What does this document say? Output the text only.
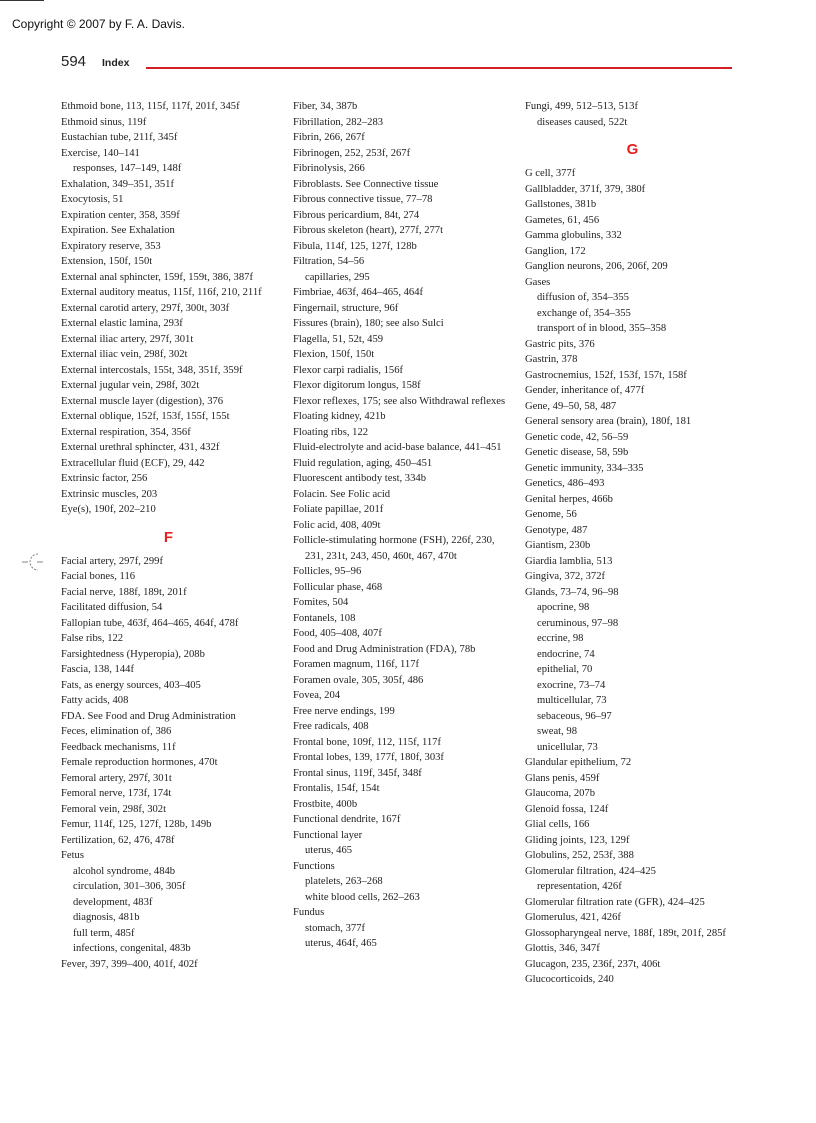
Copyright © 2007 by F. A. Davis.
594 Index
Ethmoid bone, 113, 115f, 117f, 201f, 345f
Ethmoid sinus, 119f
Eustachian tube, 211f, 345f
Exercise, 140–141
responses, 147–149, 148f
Exhalation, 349–351, 351f
Exocytosis, 51
Expiration center, 358, 359f
Expiration. See Exhalation
Expiratory reserve, 353
Extension, 150f, 150t
External anal sphincter, 159f, 159t, 386, 387f
External auditory meatus, 115f, 116f, 210, 211f
External carotid artery, 297f, 300t, 303f
External elastic lamina, 293f
External iliac artery, 297f, 301t
External iliac vein, 298f, 302t
External intercostals, 155t, 348, 351f, 359f
External jugular vein, 298f, 302t
External muscle layer (digestion), 376
External oblique, 152f, 153f, 155f, 155t
External respiration, 354, 356f
External urethral sphincter, 431, 432f
Extracellular fluid (ECF), 29, 442
Extrinsic factor, 256
Extrinsic muscles, 203
Eye(s), 190f, 202–210
F
Facial artery, 297f, 299f
Facial bones, 116
Facial nerve, 188f, 189t, 201f
Facilitated diffusion, 54
Fallopian tube, 463f, 464–465, 464f, 478f
False ribs, 122
Farsightedness (Hyperopia), 208b
Fascia, 138, 144f
Fats, as energy sources, 403–405
Fatty acids, 408
FDA. See Food and Drug Administration
Feces, elimination of, 386
Feedback mechanisms, 11f
Female reproduction hormones, 470t
Femoral artery, 297f, 301t
Femoral nerve, 173f, 174t
Femoral vein, 298f, 302t
Femur, 114f, 125, 127f, 128b, 149b
Fertilization, 62, 476, 478f
Fetus
alcohol syndrome, 484b
circulation, 301–306, 305f
development, 483f
diagnosis, 481b
full term, 485f
infections, congenital, 483b
Fever, 397, 399–400, 401f, 402f
Fiber, 34, 387b
Fibrillation, 282–283
Fibrin, 266, 267f
Fibrinogen, 252, 253f, 267f
Fibrinolysis, 266
Fibroblasts. See Connective tissue
Fibrous connective tissue, 77–78
Fibrous pericardium, 84t, 274
Fibrous skeleton (heart), 277f, 277t
Fibula, 114f, 125, 127f, 128b
Filtration, 54–56
capillaries, 295
Fimbriae, 463f, 464–465, 464f
Fingernail, structure, 96f
Fissures (brain), 180; see also Sulci
Flagella, 51, 52t, 459
Flexion, 150f, 150t
Flexor carpi radialis, 156f
Flexor digitorum longus, 158f
Flexor reflexes, 175; see also Withdrawal reflexes
Floating kidney, 421b
Floating ribs, 122
Fluid-electrolyte and acid-base balance, 441–451
Fluid regulation, aging, 450–451
Fluorescent antibody test, 334b
Folacin. See Folic acid
Foliate papillae, 201f
Folic acid, 408, 409t
Follicle-stimulating hormone (FSH), 226f, 230, 231, 231t, 243, 450, 460t, 467, 470t
Follicles, 95–96
Follicular phase, 468
Fomites, 504
Fontanels, 108
Food, 405–408, 407f
Food and Drug Administration (FDA), 78b
Foramen magnum, 116f, 117f
Foramen ovale, 305, 305f, 486
Fovea, 204
Free nerve endings, 199
Free radicals, 408
Frontal bone, 109f, 112, 115f, 117f
Frontal lobes, 139, 177f, 180f, 303f
Frontal sinus, 119f, 345f, 348f
Frontalis, 154f, 154t
Frostbite, 400b
Functional dendrite, 167f
Functional layer
uterus, 465
Functions
platelets, 263–268
white blood cells, 262–263
Fundus
stomach, 377f
uterus, 464f, 465
Fungi, 499, 512–513, 513f
diseases caused, 522t
G
G cell, 377f
Gallbladder, 371f, 379, 380f
Gallstones, 381b
Gametes, 61, 456
Gamma globulins, 332
Ganglion, 172
Ganglion neurons, 206, 206f, 209
Gases
diffusion of, 354–355
exchange of, 354–355
transport of in blood, 355–358
Gastric pits, 376
Gastrin, 378
Gastrocnemius, 152f, 153f, 157t, 158f
Gender, inheritance of, 477f
Gene, 49–50, 58, 487
General sensory area (brain), 180f, 181
Genetic code, 42, 56–59
Genetic disease, 58, 59b
Genetic immunity, 334–335
Genetics, 486–493
Genital herpes, 466b
Genome, 56
Genotype, 487
Giantism, 230b
Giardia lamblia, 513
Gingiva, 372, 372f
Glands, 73–74, 96–98
apocrine, 98
ceruminous, 97–98
eccrine, 98
endocrine, 74
epithelial, 70
exocrine, 73–74
multicellular, 73
sebaceous, 96–97
sweat, 98
unicellular, 73
Glandular epithelium, 72
Glans penis, 459f
Glaucoma, 207b
Glenoid fossa, 124f
Glial cells, 166
Gliding joints, 123, 129f
Globulins, 252, 253f, 388
Glomerular filtration, 424–425
representation, 426f
Glomerular filtration rate (GFR), 424–425
Glomerulus, 421, 426f
Glossopharyngeal nerve, 188f, 189t, 201f, 285f
Glottis, 346, 347f
Glucagon, 235, 236f, 237t, 406t
Glucocorticoids, 240
